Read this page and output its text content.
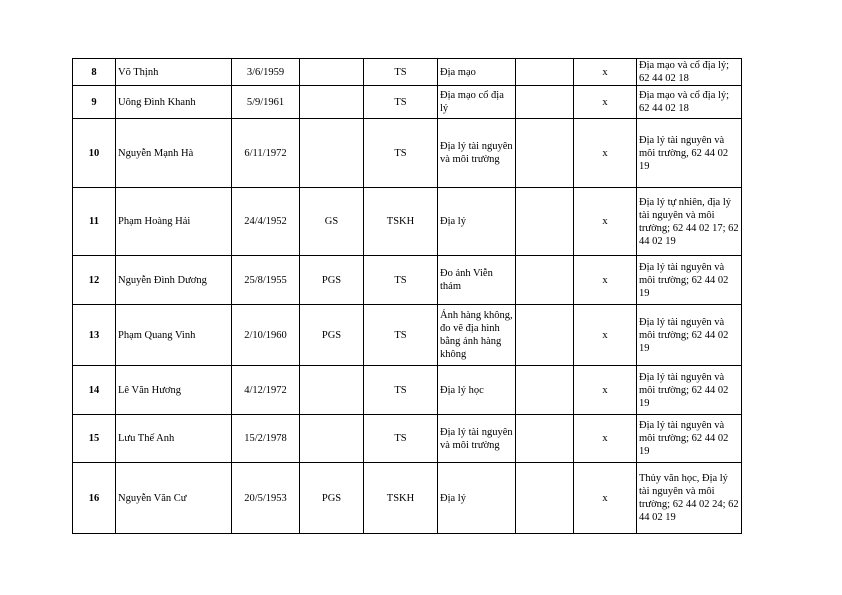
8	Võ Thịnh	3/6/1959		TS	Địa mạo		x	Địa mạo và cổ địa lý; 62 44 02 18
9	Uông Đình Khanh	5/9/1961		TS	Địa mạo cổ địa lý		x	Địa mạo và cổ địa lý; 62 44 02 18
10	Nguyễn Mạnh Hà	6/11/1972		TS	Địa lý tài nguyên và môi trường		x	Địa lý tài nguyên và môi trường, 62 44 02 19
11	Phạm Hoàng Hải	24/4/1952	GS	TSKH	Địa lý		x	Địa lý tự nhiên, địa lý tài nguyên và môi trường; 62 44 02 17; 62 44 02 19
12	Nguyễn Đình Dương	25/8/1955	PGS	TS	Đo ảnh Viễn thám		x	Địa lý tài nguyên và môi trường; 62 44 02 19
13	Phạm Quang Vinh	2/10/1960	PGS	TS	Ảnh hàng không, đo vẽ địa hình bằng ảnh hàng không		x	Địa lý tài nguyên và môi trường; 62 44 02 19
14	Lê Văn Hương	4/12/1972		TS	Địa lý học		x	Địa lý tài nguyên và môi trường; 62 44 02 19
15	Lưu Thế Anh	15/2/1978		TS	Địa lý tài nguyên và môi trường		x	Địa lý tài nguyên và môi trường; 62 44 02 19
16	Nguyễn Văn Cư	20/5/1953	PGS	TSKH	Địa lý		x	Thủy văn học, Địa lý tài nguyên và môi trường; 62 44 02 24; 62 44 02 19
